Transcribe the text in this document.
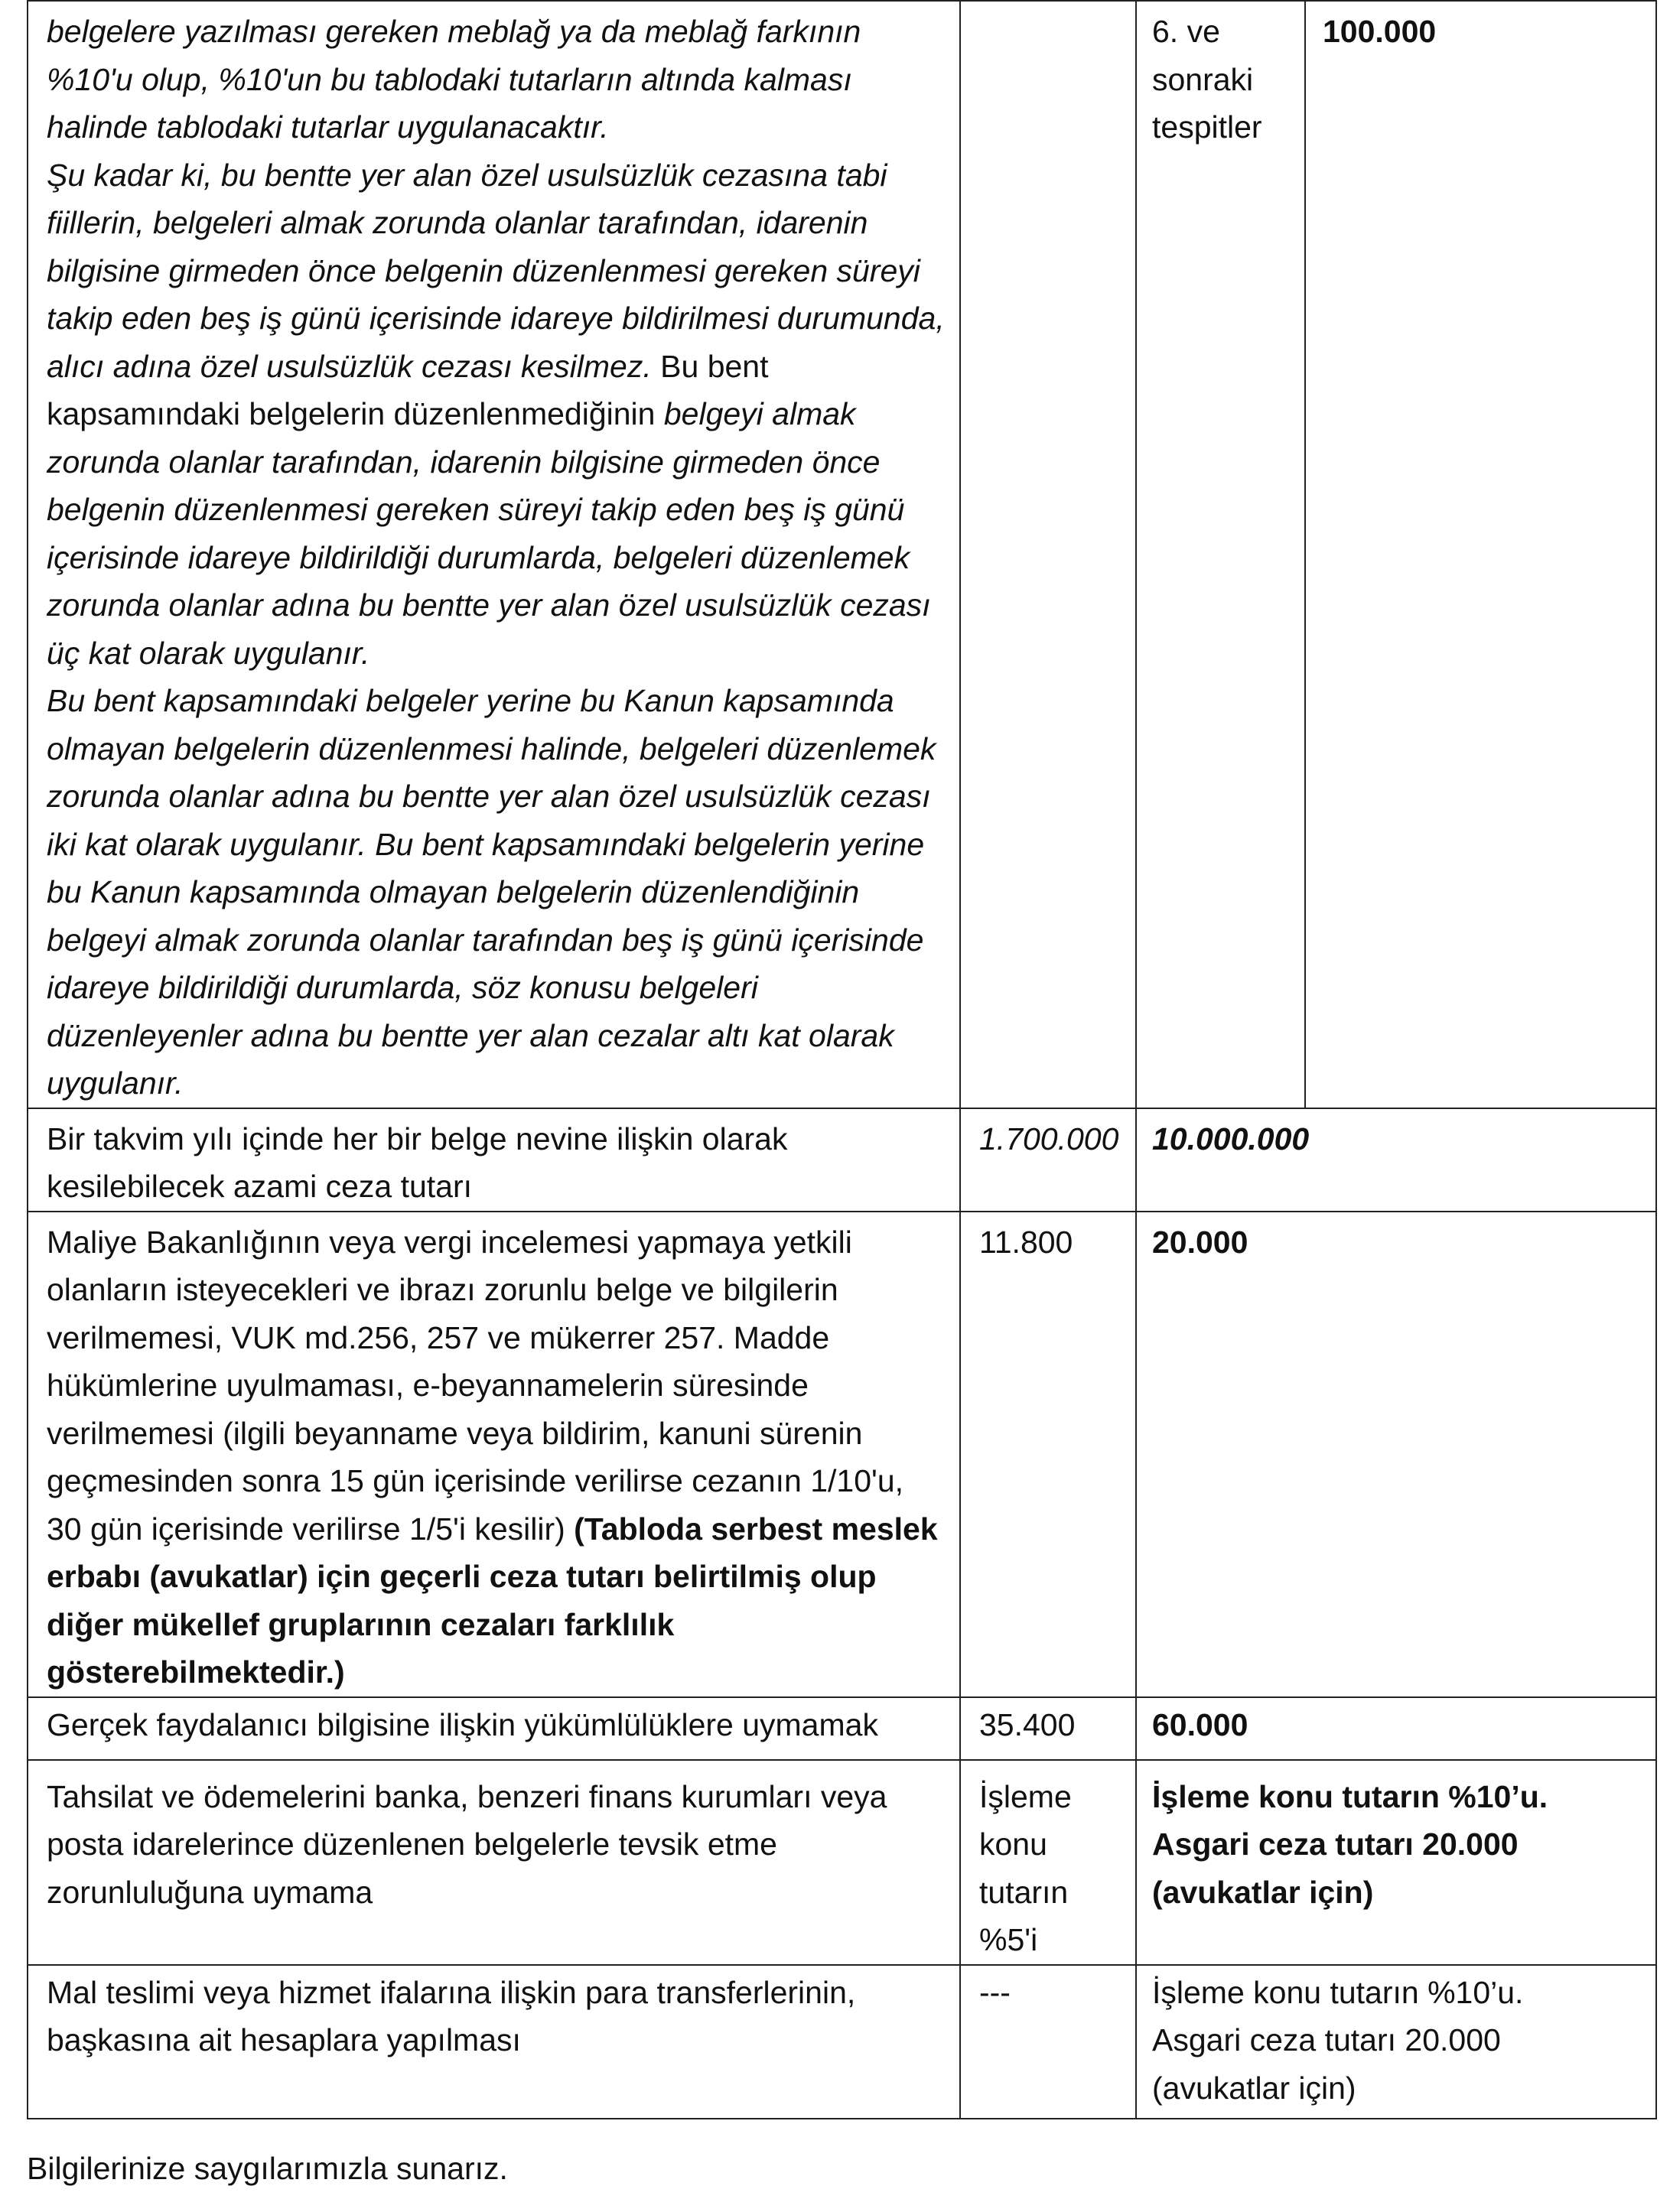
belgelere yazılması gereken meblağ ya da meblağ farkının %10'u olup, %10'un bu tablodaki tutarların altında kalması halinde tablodaki tutarlar uygulanacaktır.

Şu kadar ki, bu bentte yer alan özel usulsüzlük cezasına tabi fiillerin, belgeleri almak zorunda olanlar tarafından, idarenin bilgisine girmeden önce belgenin düzenlenmesi gereken süreyi takip eden beş iş günü içerisinde idareye bildirilmesi durumunda, alıcı adına özel usulsüzlük cezası kesilmez. Bu bent kapsamındaki belgelerin düzenlenmediğinin belgeyi almak zorunda olanlar tarafından, idarenin bilgisine girmeden önce belgenin düzenlenmesi gereken süreyi takip eden beş iş günü içerisinde idareye bildirildiği durumlarda, belgeleri düzenlemek zorunda olanlar adına bu bentte yer alan özel usulsüzlük cezası üç kat olarak uygulanır.

Bu bent kapsamındaki belgeler yerine bu Kanun kapsamında olmayan belgelerin düzenlenmesi halinde, belgeleri düzenlemek zorunda olanlar adına bu bentte yer alan özel usulsüzlük cezası iki kat olarak uygulanır. Bu bent kapsamındaki belgelerin yerine bu Kanun kapsamında olmayan belgelerin düzenlendiğinin belgeyi almak zorunda olanlar tarafından beş iş günü içerisinde idareye bildirildiği durumlarda, söz konusu belgeleri düzenleyenler adına bu bentte yer alan cezalar altı kat olarak uygulanır.		6. ve sonraki tespitler	100.000
Bir takvim yılı içinde her bir belge nevine ilişkin olarak kesilebilecek azami ceza tutarı	1.700.000	10.000.000	
Maliye Bakanlığının veya vergi incelemesi yapmaya yetkili olanların isteyecekleri ve ibrazı zorunlu belge ve bilgilerin verilmemesi, VUK md.256, 257 ve mükerrer 257. Madde hükümlerine uyulmaması, e-beyannamelerin süresinde verilmemesi (ilgili beyanname veya bildirim, kanuni sürenin geçmesinden sonra 15 gün içerisinde verilirse cezanın 1/10'u, 30 gün içerisinde verilirse 1/5'i kesilir) (Tabloda serbest meslek erbabı (avukatlar) için geçerli ceza tutarı belirtilmiş olup diğer mükellef gruplarının cezaları farklılık gösterebilmektedir.)	11.800	20.000	
Gerçek faydalanıcı bilgisine ilişkin yükümlülüklere uymamak	35.400	60.000	
Tahsilat ve ödemelerini banka, benzeri finans kurumları veya posta idarelerince düzenlenen belgelerle tevsik etme zorunluluğuna uymama	İşleme konu tutarın %5'i	İşleme konu tutarın %10’u. Asgari ceza tutarı 20.000 (avukatlar için)	
Mal teslimi veya hizmet ifalarına ilişkin para transferlerinin, başkasına ait hesaplara yapılması	---	İşleme konu tutarın %10’u. Asgari ceza tutarı 20.000 (avukatlar için)	

Bilgilerinize saygılarımızla sunarız.
